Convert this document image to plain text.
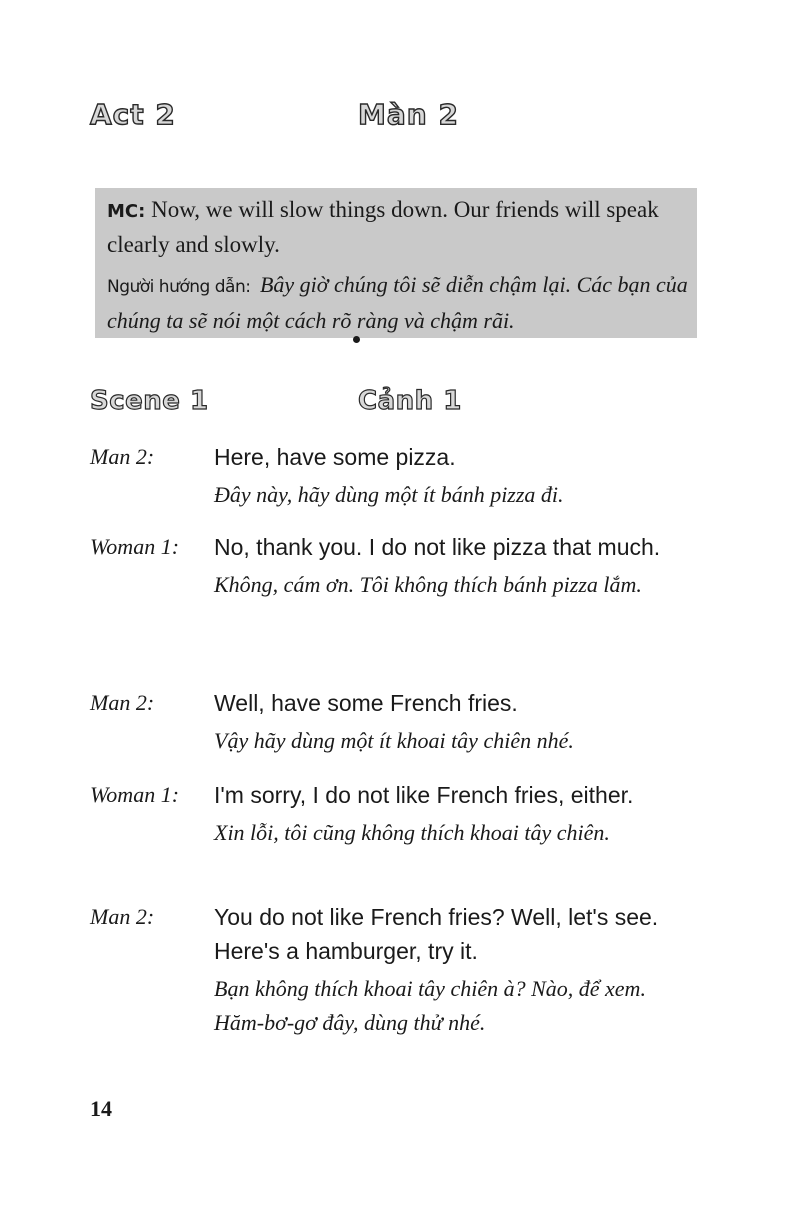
Act 2	Màn 2

MC: Now, we will slow things down. Our friends will speak clearly and slowly.

Người hướng dẫn: Bây giờ chúng tôi sẽ diễn chậm lại. Các bạn của chúng ta sẽ nói một cách rõ ràng và chậm rãi.

Scene 1	Cảnh 1
Man 2:	Here, have some pizza.

Đây này, hãy dùng một ít bánh pizza đi.

Woman 1: No, thank you. I do not like pizza that much.

Không, cám ơn. Tôi không thích bánh pizza lắm.

Man 2:	Well, have some French fries.

Vậy hãy dùng một ít khoai tây chiên nhé.

Woman 1: I'm sorry, I do not like French fries, either.

Xin lỗi, tôi cũng không thích khoai tây chiên.

Man 2:	You do not like French fries? Well, let's see. Here's a hamburger, try it.

Bạn không thích khoai tây chiên à? Nào, để xem. Hăm-bơ-gơ đây, dùng thử nhé.

14
